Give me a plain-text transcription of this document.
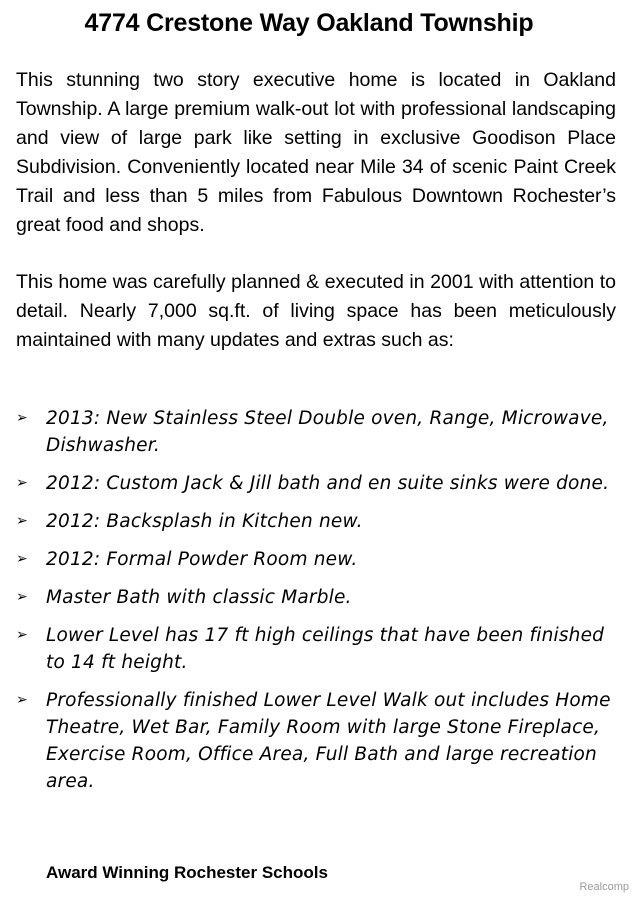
4774 Crestone Way Oakland Township
This stunning two story executive home is located in Oakland Township. A large premium walk-out lot with professional landscaping and view of large park like setting in exclusive Goodison Place Subdivision. Conveniently located near Mile 34 of scenic Paint Creek Trail and less than 5 miles from Fabulous Downtown Rochester’s great food and shops.
This home was carefully planned & executed in 2001 with attention to detail. Nearly 7,000 sq.ft. of living space has been meticulously maintained with many updates and extras such as:
➢ 2013: New Stainless Steel Double oven, Range, Microwave, Dishwasher.
➢ 2012: Custom Jack & Jill bath and en suite sinks were done.
➢ 2012: Backsplash in Kitchen new.
➢ 2012: Formal Powder Room new.
➢ Master Bath with classic Marble.
➢ Lower Level has 17 ft high ceilings that have been finished to 14 ft height.
➢ Professionally finished Lower Level Walk out includes Home Theatre, Wet Bar, Family Room with large Stone Fireplace, Exercise Room, Office Area, Full Bath and large recreation area.
Award Winning Rochester Schools
Realcomp
